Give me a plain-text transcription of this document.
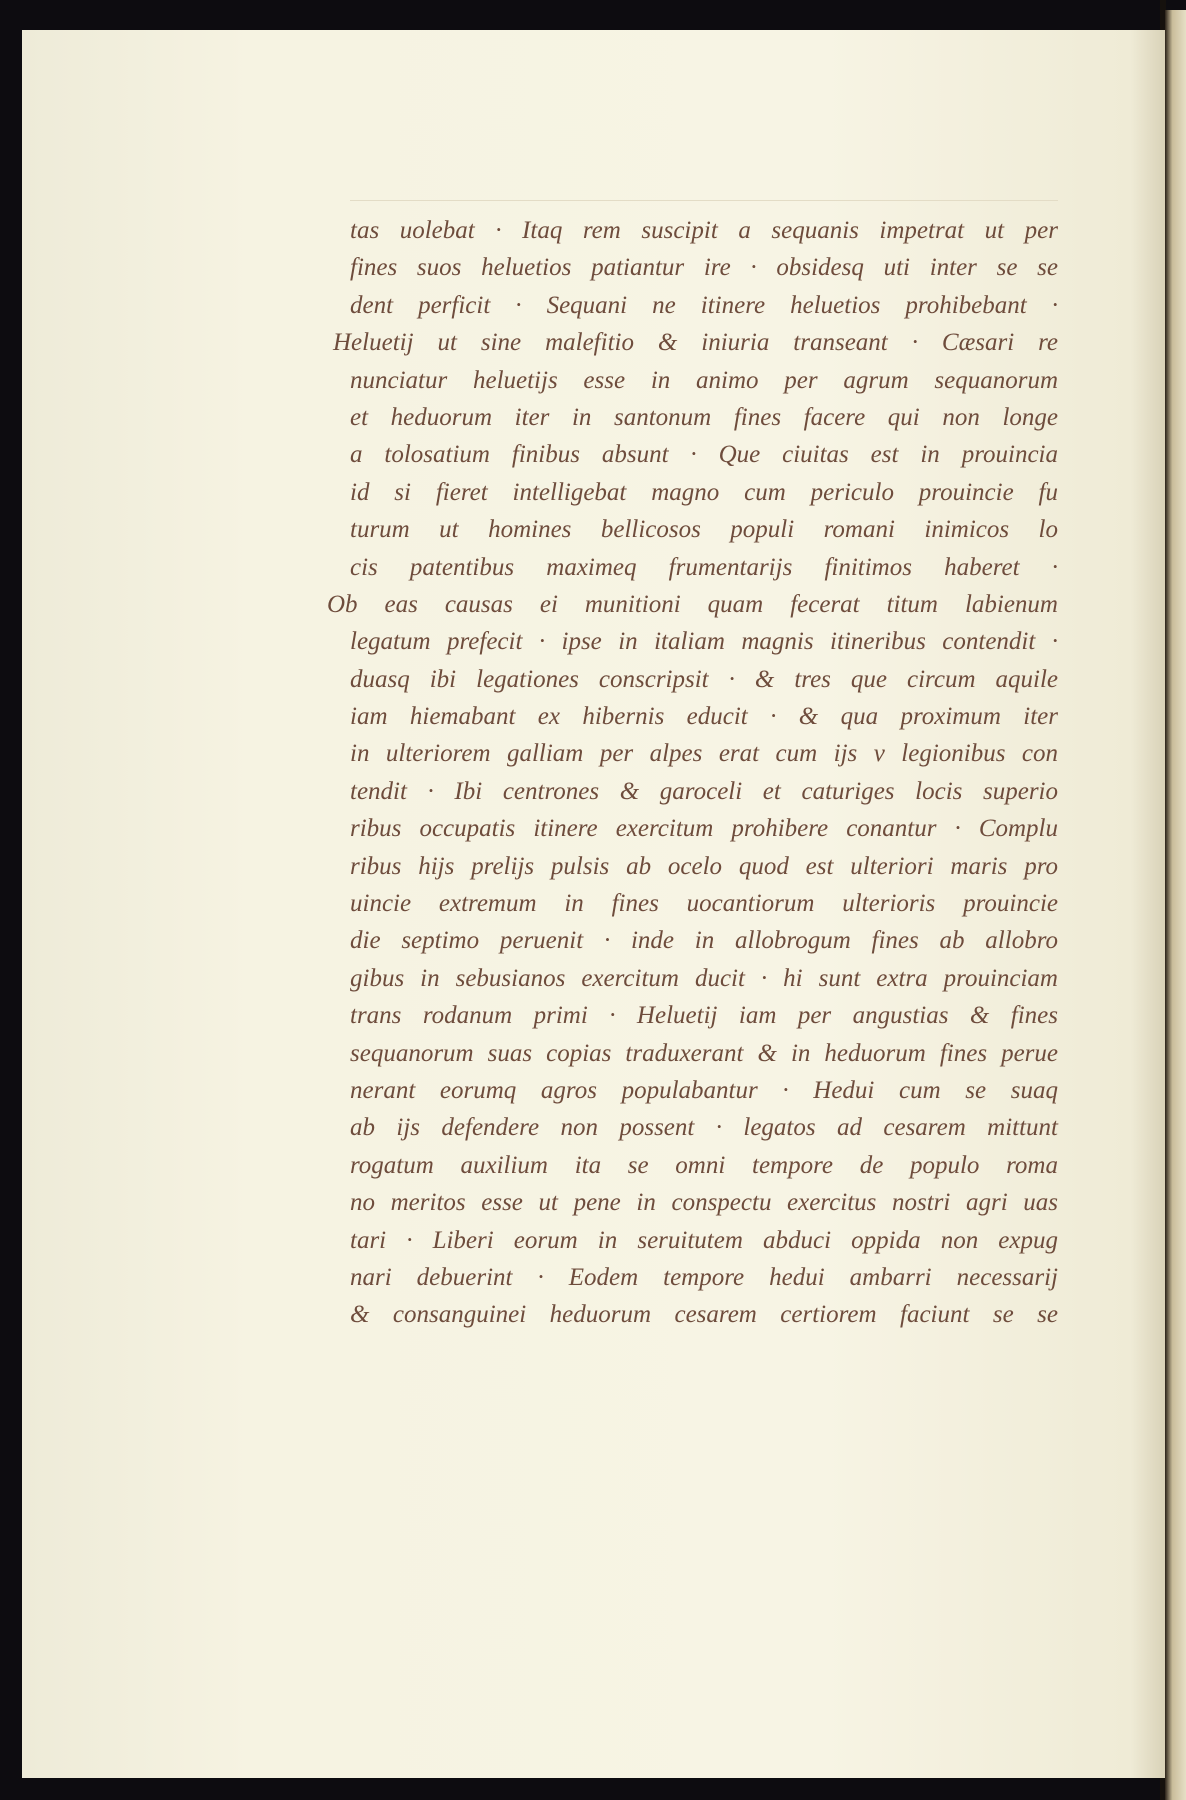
tas uolebat · Itaq rem suscipit a sequanis impetrat ut per
fines suos heluetios patiantur ire · obsidesq uti inter se se
dent perficit · Sequani ne itinere heluetios prohibebant ·
Heluetij ut sine malefitio & iniuria transeant · Cæsari re
nunciatur heluetijs esse in animo per agrum sequanorum
et heduorum iter in santonum fines facere qui non longe
a tolosatium finibus absunt · Que ciuitas est in prouincia
id si fieret intelligebat magno cum periculo prouincie fu
turum ut homines bellicosos populi romani inimicos lo
cis patentibus maximeq frumentarijs finitimos haberet ·
Ob eas causas ei munitioni quam fecerat titum labienum
legatum prefecit · ipse in italiam magnis itineribus contendit ·
duasq ibi legationes conscripsit · & tres que circum aquile
iam hiemabant ex hibernis educit · & qua proximum iter
in ulteriorem galliam per alpes erat cum ijs v legionibus con
tendit · Ibi centrones & garoceli et caturiges locis superio
ribus occupatis itinere exercitum prohibere conantur · Complu
ribus hijs prelijs pulsis ab ocelo quod est ulteriori maris pro
uincie extremum in fines uocantiorum ulterioris prouincie
die septimo peruenit · inde in allobrogum fines ab allobro
gibus in sebusianos exercitum ducit · hi sunt extra prouinciam
trans rodanum primi · Heluetij iam per angustias & fines
sequanorum suas copias traduxerant & in heduorum fines perue
nerant eorumq agros populabantur · Hedui cum se suaq
ab ijs defendere non possent · legatos ad cesarem mittunt
rogatum auxilium ita se omni tempore de populo roma
no meritos esse ut pene in conspectu exercitus nostri agri uas
tari · Liberi eorum in seruitutem abduci oppida non expug
nari debuerint · Eodem tempore hedui ambarri necessarij
& consanguinei heduorum cesarem certiorem faciunt se se
